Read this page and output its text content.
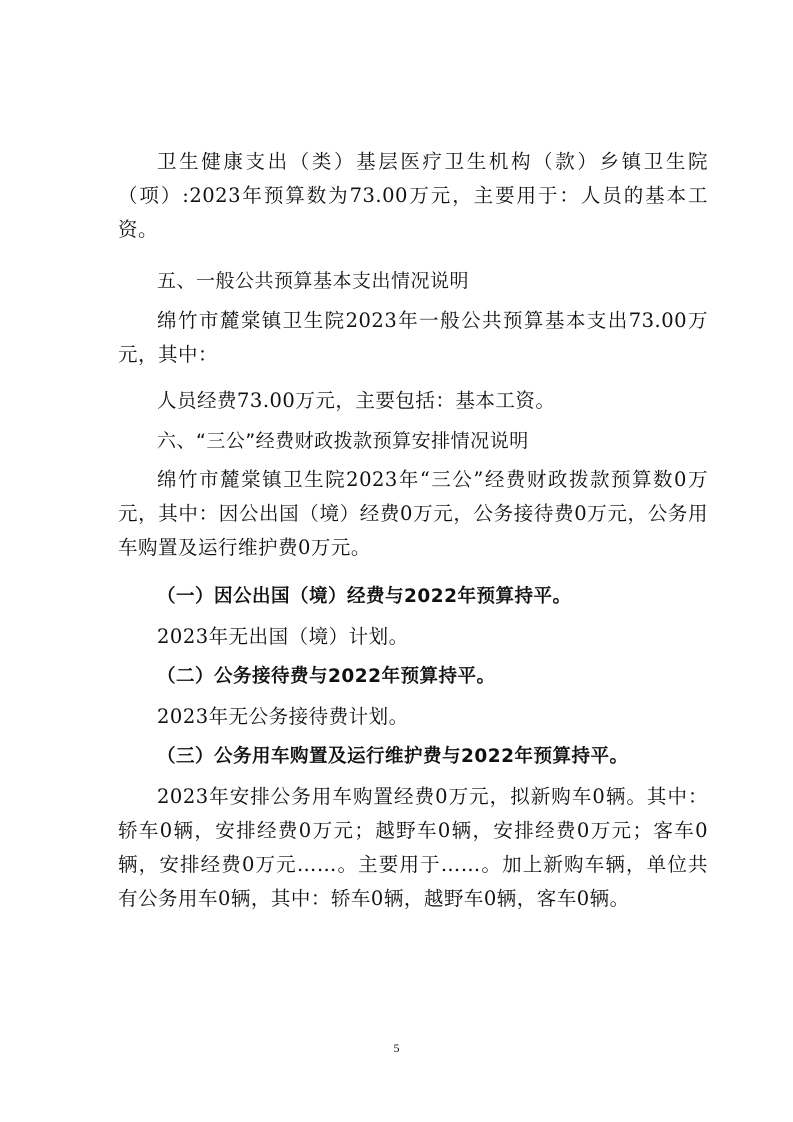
卫生健康支出（类）基层医疗卫生机构（款）乡镇卫生院（项）:2023年预算数为73.00万元，主要用于：人员的基本工资。

五、一般公共预算基本支出情况说明

绵竹市麓棠镇卫生院2023年一般公共预算基本支出73.00万元，其中：

人员经费73.00万元，主要包括：基本工资。

六、“三公”经费财政拨款预算安排情况说明

绵竹市麓棠镇卫生院2023年“三公”经费财政拨款预算数0万元，其中：因公出国（境）经费0万元，公务接待费0万元，公务用车购置及运行维护费0万元。

（一）因公出国（境）经费与2022年预算持平。

2023年无出国（境）计划。

（二）公务接待费与2022年预算持平。

2023年无公务接待费计划。

（三）公务用车购置及运行维护费与2022年预算持平。

2023年安排公务用车购置经费0万元，拟新购车0辆。其中：轿车0辆，安排经费0万元；越野车0辆，安排经费0万元；客车0辆，安排经费0万元……。主要用于……。加上新购车辆，单位共有公务用车0辆，其中：轿车0辆，越野车0辆，客车0辆。

5
